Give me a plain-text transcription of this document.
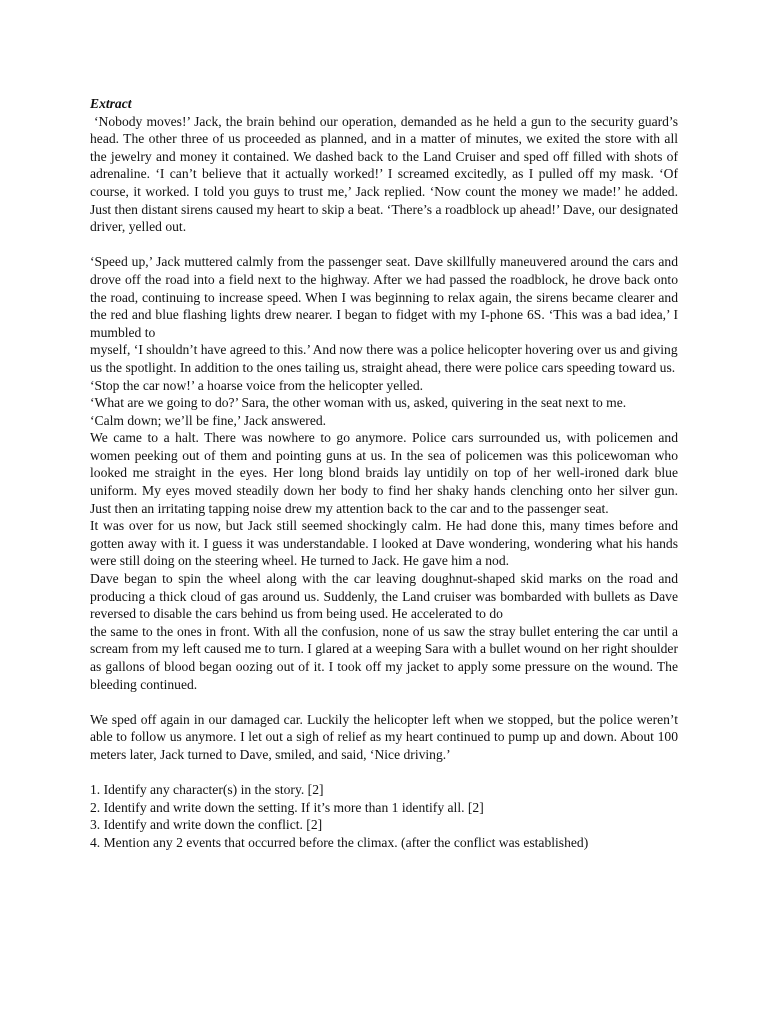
Extract

‘Nobody moves!’ Jack, the brain behind our operation, demanded as he held a gun to the security guard’s head. The other three of us proceeded as planned, and in a matter of minutes, we exited the store with all the jewelry and money it contained. We dashed back to the Land Cruiser and sped off filled with shots of adrenaline. ‘I can’t believe that it actually worked!’ I screamed excitedly, as I pulled off my mask. ‘Of course, it worked. I told you guys to trust me,’ Jack replied. ‘Now count the money we made!’ he added. Just then distant sirens caused my heart to skip a beat. ‘There’s a roadblock up ahead!’ Dave, our designated driver, yelled out.

‘Speed up,’ Jack muttered calmly from the passenger seat. Dave skillfully maneuvered around the cars and drove off the road into a field next to the highway. After we had passed the roadblock, he drove back onto the road, continuing to increase speed. When I was beginning to relax again, the sirens became clearer and the red and blue flashing lights drew nearer. I began to fidget with my I-phone 6S. ‘This was a bad idea,’ I mumbled to

myself, ‘I shouldn’t have agreed to this.’ And now there was a police helicopter hovering over us and giving us the spotlight. In addition to the ones tailing us, straight ahead, there were police cars speeding toward us.

‘Stop the car now!’ a hoarse voice from the helicopter yelled.

‘What are we going to do?’ Sara, the other woman with us, asked, quivering in the seat next to me.

‘Calm down; we’ll be fine,’ Jack answered.

We came to a halt. There was nowhere to go anymore. Police cars surrounded us, with policemen and women peeking out of them and pointing guns at us. In the sea of policemen was this policewoman who looked me straight in the eyes. Her long blond braids lay untidily on top of her well-ironed dark blue uniform. My eyes moved steadily down her body to find her shaky hands clenching onto her silver gun. Just then an irritating tapping noise drew my attention back to the car and to the passenger seat.

It was over for us now, but Jack still seemed shockingly calm. He had done this, many times before and gotten away with it. I guess it was understandable. I looked at Dave wondering, wondering what his hands were still doing on the steering wheel. He turned to Jack. He gave him a nod.

Dave began to spin the wheel along with the car leaving doughnut-shaped skid marks on the road and producing a thick cloud of gas around us. Suddenly, the Land cruiser was bombarded with bullets as Dave reversed to disable the cars behind us from being used. He accelerated to do

the same to the ones in front. With all the confusion, none of us saw the stray bullet entering the car until a scream from my left caused me to turn. I glared at a weeping Sara with a bullet wound on her right shoulder as gallons of blood began oozing out of it. I took off my jacket to apply some pressure on the wound. The bleeding continued.

We sped off again in our damaged car. Luckily the helicopter left when we stopped, but the police weren’t able to follow us anymore. I let out a sigh of relief as my heart continued to pump up and down. About 100 meters later, Jack turned to Dave, smiled, and said, ‘Nice driving.’

1. Identify any character(s) in the story. [2]

2. Identify and write down the setting. If it’s more than 1 identify all. [2]

3. Identify and write down the conflict. [2]

4. Mention any 2 events that occurred before the climax. (after the conflict was established)
